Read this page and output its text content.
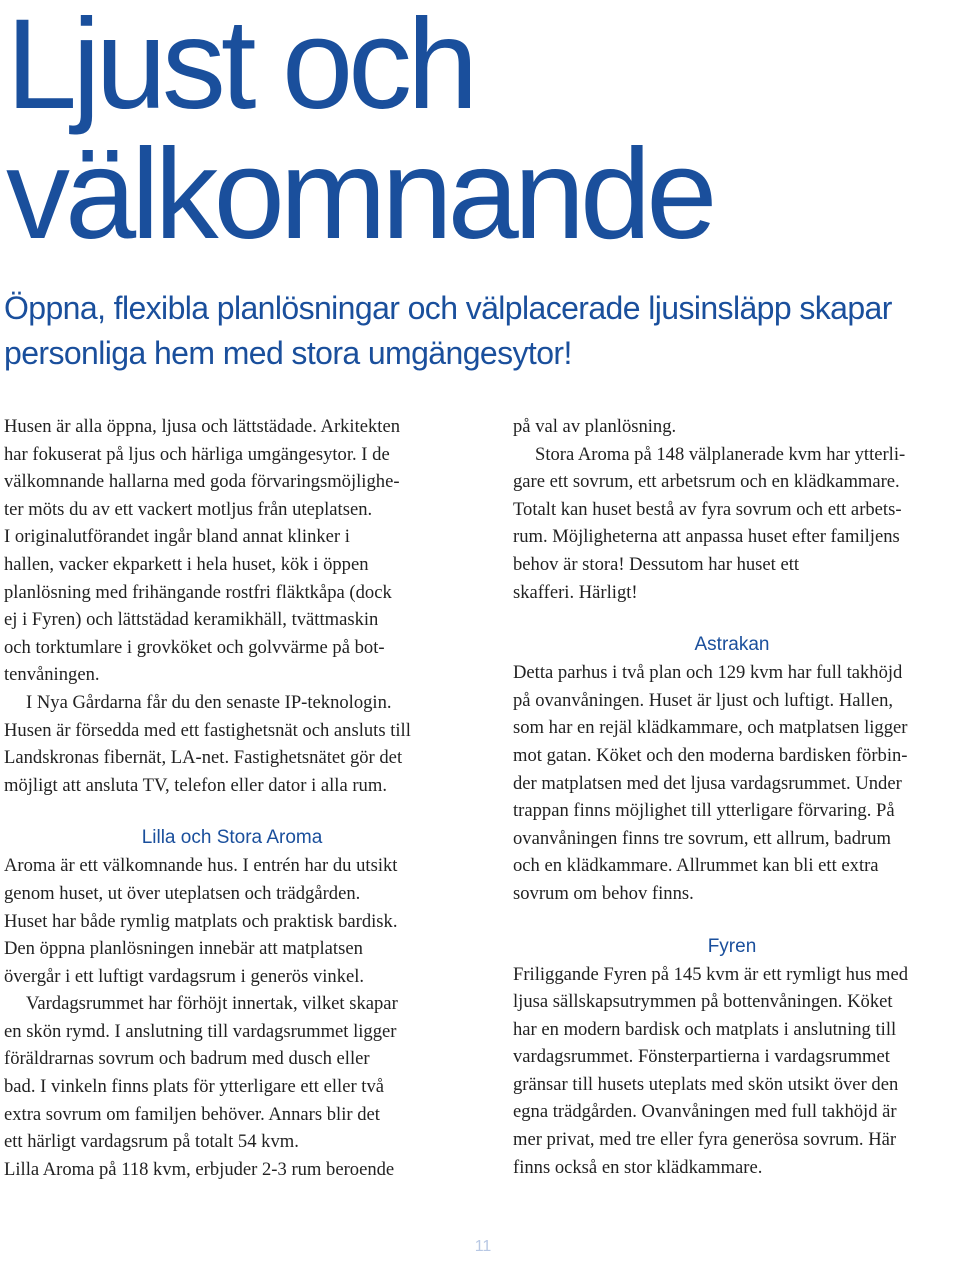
Ljust och
välkomnande

Öppna, flexibla planlösningar och välplacerade ljusinsläpp skapar
personliga hem med stora umgängesytor!

Husen är alla öppna, ljusa och lättstädade. Arkitekten
har fokuserat på ljus och härliga umgängesytor. I de
välkomnande hallarna med goda förvaringsmöjlighe-
ter möts du av ett vackert motljus från uteplatsen.
I originalutförandet ingår bland annat klinker i
hallen, vacker ekparkett i hela huset, kök i öppen
planlösning med frihängande rostfri fläktkåpa (dock
ej i Fyren) och lättstädad keramikhäll, tvättmaskin
och torktumlare i grovköket och golvvärme på bot-
tenvåningen.
I Nya Gårdarna får du den senaste IP-teknologin.
Husen är försedda med ett fastighetsnät och ansluts till
Landskronas fibernät, LA-net. Fastighetsnätet gör det
möjligt att ansluta TV, telefon eller dator i alla rum.
Lilla och Stora Aroma
Aroma är ett välkomnande hus. I entrén har du utsikt
genom huset, ut över uteplatsen och trädgården.
Huset har både rymlig matplats och praktisk bardisk.
Den öppna planlösningen innebär att matplatsen
övergår i ett luftigt vardagsrum i generös vinkel.
Vardagsrummet har förhöjt innertak, vilket skapar
en skön rymd. I anslutning till vardagsrummet ligger
föräldrarnas sovrum och badrum med dusch eller
bad. I vinkeln finns plats för ytterligare ett eller två
extra sovrum om familjen behöver. Annars blir det
ett härligt vardagsrum på totalt 54 kvm.
Lilla Aroma på 118 kvm, erbjuder 2-3 rum beroende
på val av planlösning.
Stora Aroma på 148 välplanerade kvm har ytterli-
gare ett sovrum, ett arbetsrum och en klädkammare.
Totalt kan huset bestå av fyra sovrum och ett arbets-
rum. Möjligheterna att anpassa huset efter familjens
behov är stora! Dessutom har huset ett
skafferi. Härligt!
Astrakan
Detta parhus i två plan och 129 kvm har full takhöjd
på ovanvåningen. Huset är ljust och luftigt. Hallen,
som har en rejäl klädkammare, och matplatsen ligger
mot gatan. Köket och den moderna bardisken förbin-
der matplatsen med det ljusa vardagsrummet. Under
trappan finns möjlighet till ytterligare förvaring. På
ovanvåningen finns tre sovrum, ett allrum, badrum
och en klädkammare. Allrummet kan bli ett extra
sovrum om behov finns.
Fyren
Friliggande Fyren på 145 kvm är ett rymligt hus med
ljusa sällskapsutrymmen på bottenvåningen. Köket
har en modern bardisk och matplats i anslutning till
vardagsrummet. Fönsterpartierna i vardagsrummet
gränsar till husets uteplats med skön utsikt över den
egna trädgården. Ovanvåningen med full takhöjd är
mer privat, med tre eller fyra generösa sovrum. Här
finns också en stor klädkammare.
11
